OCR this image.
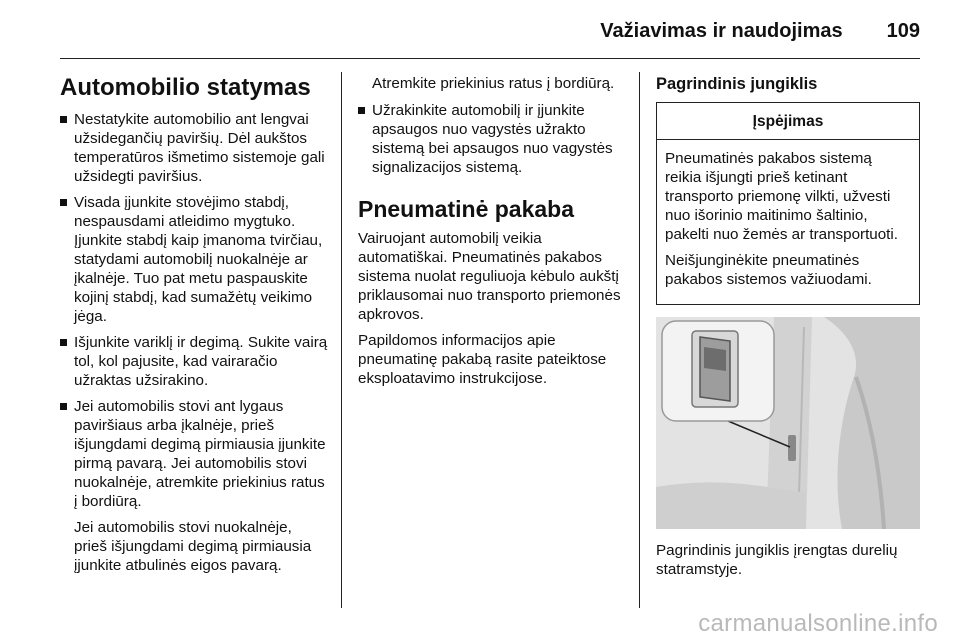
Važiavimas ir naudojimas 109
Automobilio statymas
Nestatykite automobilio ant lengvai užsidegančių paviršių. Dėl aukštos temperatūros išmetimo sistemoje gali užsidegti paviršius.
Visada įjunkite stovėjimo stabdį, nespausdami atleidimo mygtuko. Įjunkite stabdį kaip įmanoma tvirčiau, statydami automobilį nuokalnėje ar įkalnėje. Tuo pat metu paspauskite kojinį stabdį, kad sumažėtų veikimo jėga.
Išjunkite variklį ir degimą. Sukite vairą tol, kol pajusite, kad vairaračio užraktas užsirakino.
Jei automobilis stovi ant lygaus paviršiaus arba įkalnėje, prieš išjungdami degimą pirmiausia įjunkite pirmą pavarą. Jei automobilis stovi nuokalnėje, atremkite priekinius ratus į bordiūrą.

Jei automobilis stovi nuokalnėje, prieš išjungdami degimą pirmiausia įjunkite atbulinės eigos pavarą.

Atremkite priekinius ratus į bordiūrą.

Užrakinkite automobilį ir įjunkite apsaugos nuo vagystės užrakto sistemą bei apsaugos nuo vagystės signalizacijos sistemą.
Pneumatinė pakaba

Vairuojant automobilį veikia automatiškai. Pneumatinės pakabos sistema nuolat reguliuoja kėbulo aukštį priklausomai nuo transporto priemonės apkrovos.

Papildomos informacijos apie pneumatinę pakabą rasite pateiktose eksploatavimo instrukcijose.

Pagrindinis jungiklis
Įspėjimas

Pneumatinės pakabos sistemą reikia išjungti prieš ketinant transporto priemonę vilkti, užvesti nuo išorinio maitinimo šaltinio, pakelti nuo žemės ar transportuoti.

Neišjunginėkite pneumatinės pakabos sistemos važiuodami.

Pagrindinis jungiklis įrengtas durelių statramstyje.

carmanualsonline.info
